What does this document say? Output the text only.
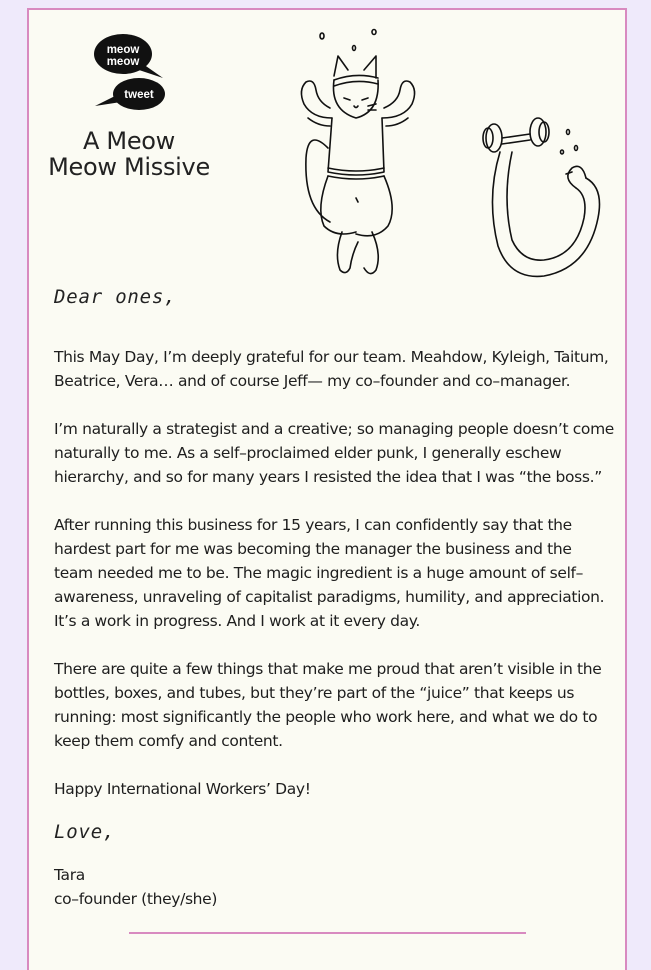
meow
meow
tweet
A Meow
Meow Missive
Dear ones,

This May Day, I’m deeply grateful for our team. Meahdow, Kyleigh, Taitum, Beatrice, Vera… and of course Jeff— my co–founder and co–manager.

I’m naturally a strategist and a creative; so managing people doesn’t come naturally to me. As a self–proclaimed elder punk, I generally eschew hierarchy, and so for many years I resisted the idea that I was “the boss.”

After running this business for 15 years, I can confidently say that the hardest part for me was becoming the manager the business and the team needed me to be. The magic ingredient is a huge amount of self–awareness, unraveling of capitalist paradigms, humility, and appreciation. It’s a work in progress. And I work at it every day.

There are quite a few things that make me proud that aren’t visible in the bottles, boxes, and tubes, but they’re part of the “juice” that keeps us running: most significantly the people who work here, and what we do to keep them comfy and content.

Happy International Workers’ Day!

Love,
Tara
co–founder (they/she)
